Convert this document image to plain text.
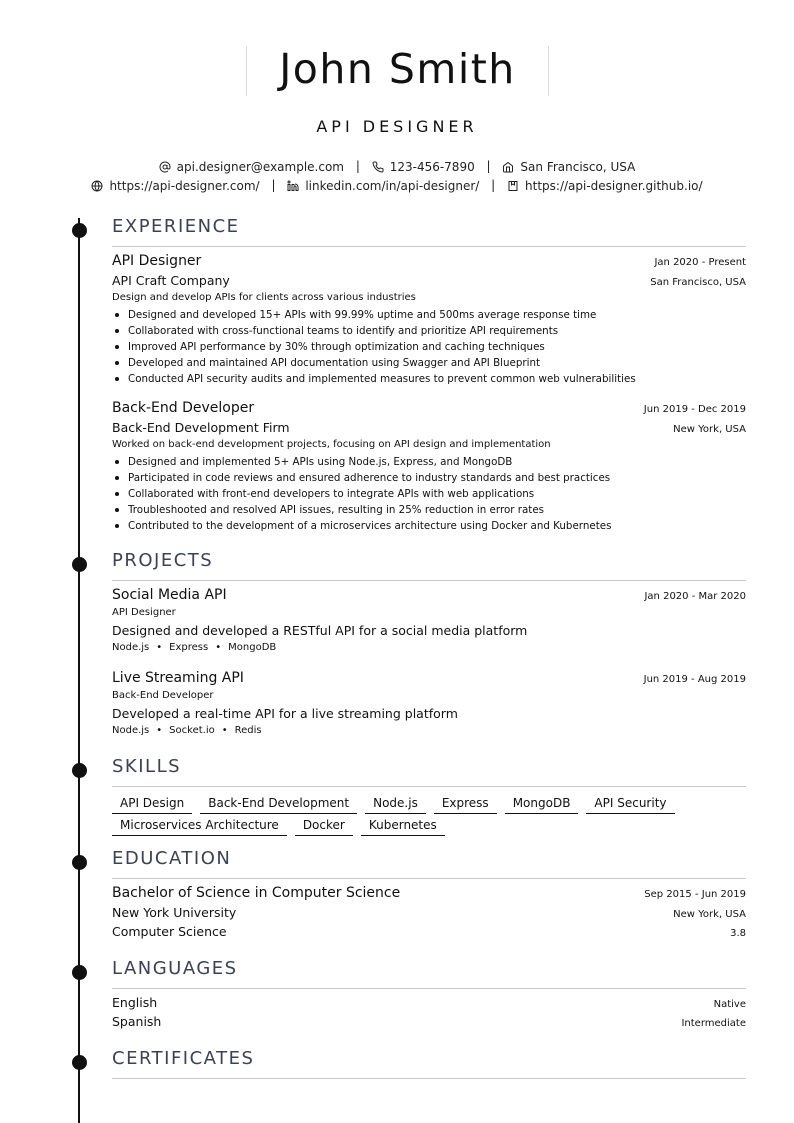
John Smith
API DESIGNER
api.designer@example.com | 123-456-7890 | San Francisco, USA
https://api-designer.com/ | linkedin.com/in/api-designer/ | https://api-designer.github.io/
EXPERIENCE
API Designer	Jan 2020 - Present
API Craft Company	San Francisco, USA
Design and develop APIs for clients across various industries
Designed and developed 15+ APIs with 99.99% uptime and 500ms average response time
Collaborated with cross-functional teams to identify and prioritize API requirements
Improved API performance by 30% through optimization and caching techniques
Developed and maintained API documentation using Swagger and API Blueprint
Conducted API security audits and implemented measures to prevent common web vulnerabilities
Back-End Developer	Jun 2019 - Dec 2019
Back-End Development Firm	New York, USA
Worked on back-end development projects, focusing on API design and implementation
Designed and implemented 5+ APIs using Node.js, Express, and MongoDB
Participated in code reviews and ensured adherence to industry standards and best practices
Collaborated with front-end developers to integrate APIs with web applications
Troubleshooted and resolved API issues, resulting in 25% reduction in error rates
Contributed to the development of a microservices architecture using Docker and Kubernetes
PROJECTS
Social Media API	Jan 2020 - Mar 2020
API Designer
Designed and developed a RESTful API for a social media platform
Node.js • Express • MongoDB
Live Streaming API	Jun 2019 - Aug 2019
Back-End Developer
Developed a real-time API for a live streaming platform
Node.js • Socket.io • Redis
SKILLS
API Design Back-End Development Node.js Express MongoDB API Security
Microservices Architecture Docker Kubernetes
EDUCATION
Bachelor of Science in Computer Science	Sep 2015 - Jun 2019
New York University	New York, USA
Computer Science	3.8
LANGUAGES
English	Native
Spanish	Intermediate
CERTIFICATES
